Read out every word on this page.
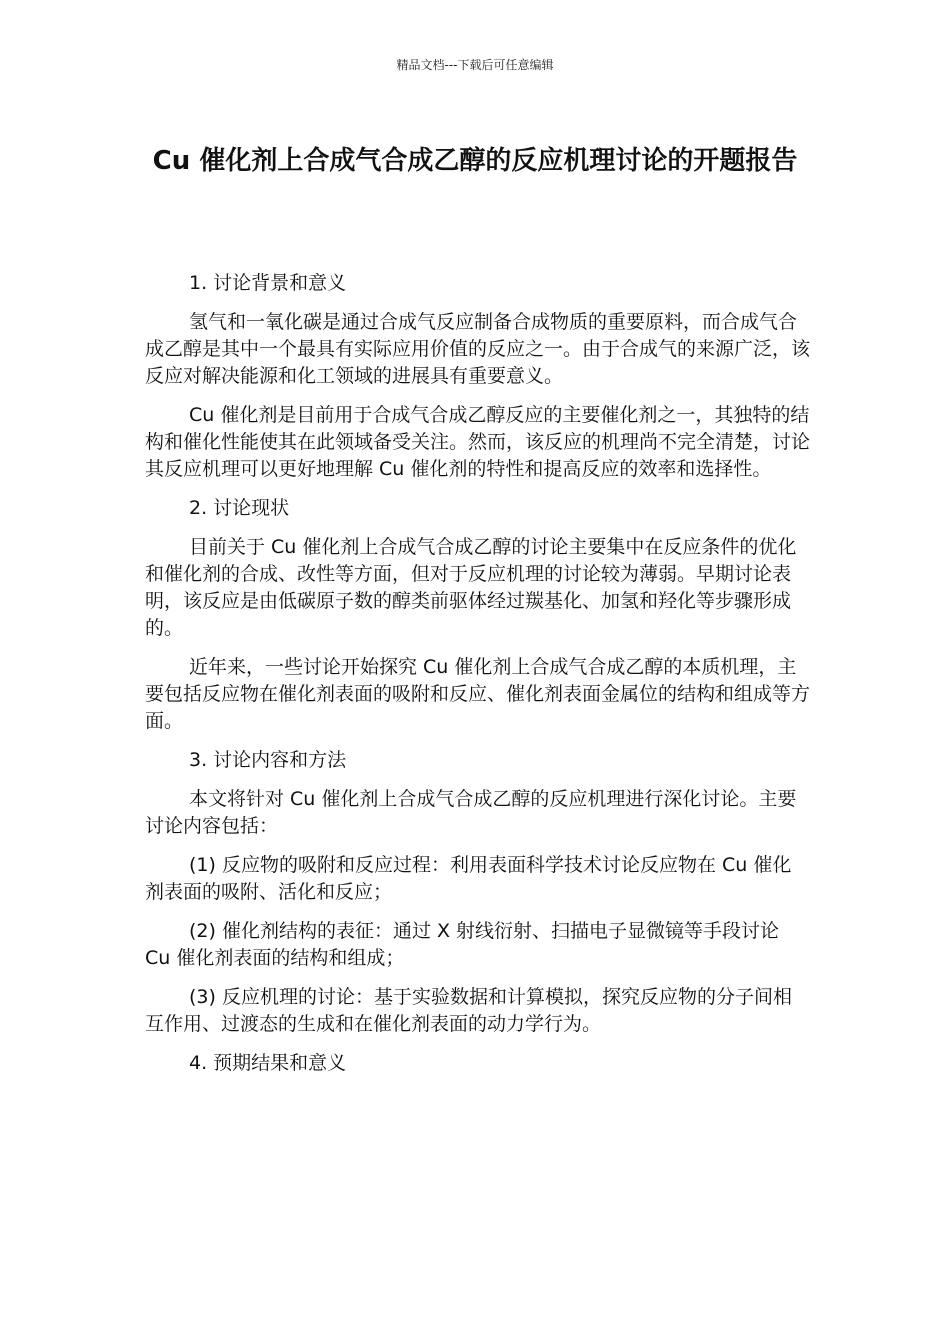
精品文档---下载后可任意编辑
Cu 催化剂上合成气合成乙醇的反应机理讨论的开题报告

1. 讨论背景和意义

氢气和一氧化碳是通过合成气反应制备合成物质的重要原料，而合成气合成乙醇是其中一个最具有实际应用价值的反应之一。由于合成气的来源广泛，该反应对解决能源和化工领域的进展具有重要意义。

Cu 催化剂是目前用于合成气合成乙醇反应的主要催化剂之一，其独特的结构和催化性能使其在此领域备受关注。然而，该反应的机理尚不完全清楚，讨论其反应机理可以更好地理解 Cu 催化剂的特性和提高反应的效率和选择性。

2. 讨论现状

目前关于 Cu 催化剂上合成气合成乙醇的讨论主要集中在反应条件的优化和催化剂的合成、改性等方面，但对于反应机理的讨论较为薄弱。早期讨论表明，该反应是由低碳原子数的醇类前驱体经过羰基化、加氢和羟化等步骤形成的。

近年来，一些讨论开始探究 Cu 催化剂上合成气合成乙醇的本质机理，主要包括反应物在催化剂表面的吸附和反应、催化剂表面金属位的结构和组成等方面。

3. 讨论内容和方法

本文将针对 Cu 催化剂上合成气合成乙醇的反应机理进行深化讨论。主要讨论内容包括：

(1) 反应物的吸附和反应过程：利用表面科学技术讨论反应物在 Cu 催化剂表面的吸附、活化和反应；

(2) 催化剂结构的表征：通过 X 射线衍射、扫描电子显微镜等手段讨论 Cu 催化剂表面的结构和组成；

(3) 反应机理的讨论：基于实验数据和计算模拟，探究反应物的分子间相互作用、过渡态的生成和在催化剂表面的动力学行为。

4. 预期结果和意义
